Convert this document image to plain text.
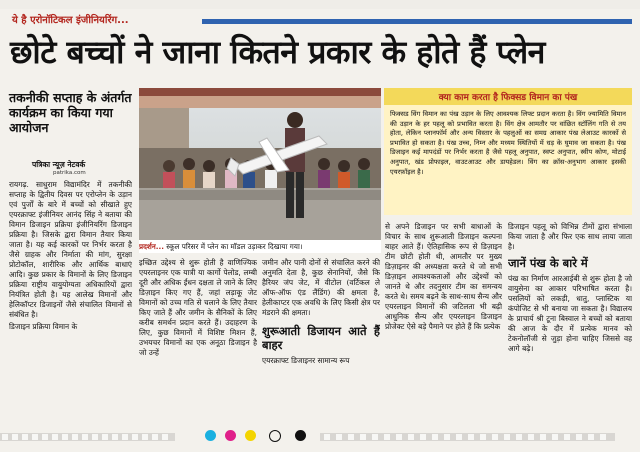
⠀
ये है एरोनॉटिकल इंजीनियरिंग...
छोटे बच्चों ने जाना कितने प्रकार के होते हैं प्लेन
तकनीकी सप्ताह के अंतर्गत कार्यक्रम का किया गया आयोजन
पत्रिका न्यूज़ नेटवर्क
patrika.com

रायगढ़. साधुराम विद्यामंदिर में तकनीकी सप्ताह के द्वितीय दिवस पर एरोप्लेन के उड़ान एवं पुर्जों के बारे में बच्चों को सीखाते हुए एयरक्राफ्ट इंजीनियर आनंद सिंह ने बताया की विमान डिजाइन प्रक्रिया इंजीनियरिंग डिजाइन प्रक्रिया है। जिसके द्वारा विमान तैयार किया जाता है। यह कई कारकों पर निर्भर करता है जैसे ग्राहक और निर्माता की मांग, सुरक्षा प्रोटोकॉल, शारीरिक और आर्थिक बाधाएं आदि। कुछ प्रकार के विमानों के लिए डिजाइन प्रक्रिया राष्ट्रीय वायुयोग्यता अधिकारियों द्वारा नियंत्रित होती है। यह आलेख विमानों और हेलिकॉप्टर डिजाइनों जैसे संचालित विमानों से संबंधित है।

डिजाइन प्रक्रिया विमान के

प्रदर्शन... स्कूल परिसर में प्लेन का मॉडल उड़ाकर दिखाया गया।

इच्छित उद्देश्य से शुरू होती है वाणिज्यिक एयरलाइनर एक यात्री या कार्गो पेलोड, लम्बी दूरी और अधिक ईंधन दक्षता ले जाने के लिए डिज़ाइन किए गए हैं, जहां लड़ाकू जेट विमानों को उच्च गति से चलाने के लिए तैयार किए जाते हैं और जमीन के सैनिकों के लिए करीब समर्थन प्रदान करते हैं। उदाहरण के लिए, कुछ विमानों में विशिष्ट मिशन हैं, उभयचर विमानों का एक अनूठा डिजाइन है जो उन्हें

जमीन और पानी दोनों से संचालित करने की अनुमति देता है, कुछ सेनानियों, जैसे कि हैरियर जंप जेट, में वीटोल (वर्टिकल ले ऑफ-ऑफ एंड लैंडिंग) की क्षमता है, हेलीकाप्टर एक अवधि के लिए किसी क्षेत्र पर मंडराने की क्षमता।

शुरूआती डिजायन आते हैं बाहर

एयरक्राफ्ट डिजाइनर सामान्य रूप

क्या काम करता है फिक्सड विमान का पंख
फिक्सड विंग विमान का पंख उड़ान के लिए आवश्यक लिफ्ट प्रदान करता है। विंग ज्यामिति विमान की उड़ान के हर पहलू को प्रभावित करता है। विंग क्षेत्र आमतौर पर वांछित स्टॉलिंग गति से तय होता, लेकिन प्लानफॉर्म और अन्य विस्तार के पहलुओं का समग्र आकार पंख लेआउट कारकों से प्रभावित हो सकता है। पंख उच्च, निम्न और मध्यम स्थितियों में धड़ के घुमाव जा सकता है। पंख डिजाइन कई मापदंडों पर निर्भर करता है जैसे पहलू अनुपात, स्वप्ट अनुपात, स्वीप कोण, मोटाई अनुपात, खंड प्रोफाइल, वाउटआउट और डायहेडल। विंग का क्रॉस-अनुभाग आकार इसकी एयरफ़ॉइल है।

से अपने डिजाइन पर सभी बाधाओं के विचार के साथ शुरूआती डिजाइन कल्पना बाहर आते हैं। ऐतिहासिक रूप से डिज़ाइन टीम छोटी होती थी, आमतौर पर मुख्य डिज़ाइनर की अध्यक्षता करते थे जो सभी डिज़ाइन आवश्यकताओं और उद्देश्यों को जानते थे और तदनुसार टीम का समन्वय करते थे। समय बढ़ने के साथ-साथ सैन्य और एयरलाइन विमानों की जटिलता भी बढ़ी आधुनिक सैन्य और एयरलाइन डिजाइन प्रोजेक्ट ऐसे बड़े पैमाने पर होते हैं कि प्रत्येक

डिजाइन पहलू को विभिन्न टीमों द्वारा संभाला किया जाता है और फिर एक साथ लाया जाता है।

जानें पंख के बारे में

पंख का निर्माण आरआईबी से शुरू होता है जो वायुसेना का आकार परिभाषित करता है। पसलियों को लकड़ी, धातु, प्लास्टिक या कंपोजिट से भी बनाया जा सकता है। विद्यालय के प्राचार्य श्री टूना बिस्वाल ने बच्चों को बताया की आज के दौर में प्रत्येक मानव को टेकनोलॉजी से जुड़ा होना चाहिए जिससे वह आगे बढ़े।
